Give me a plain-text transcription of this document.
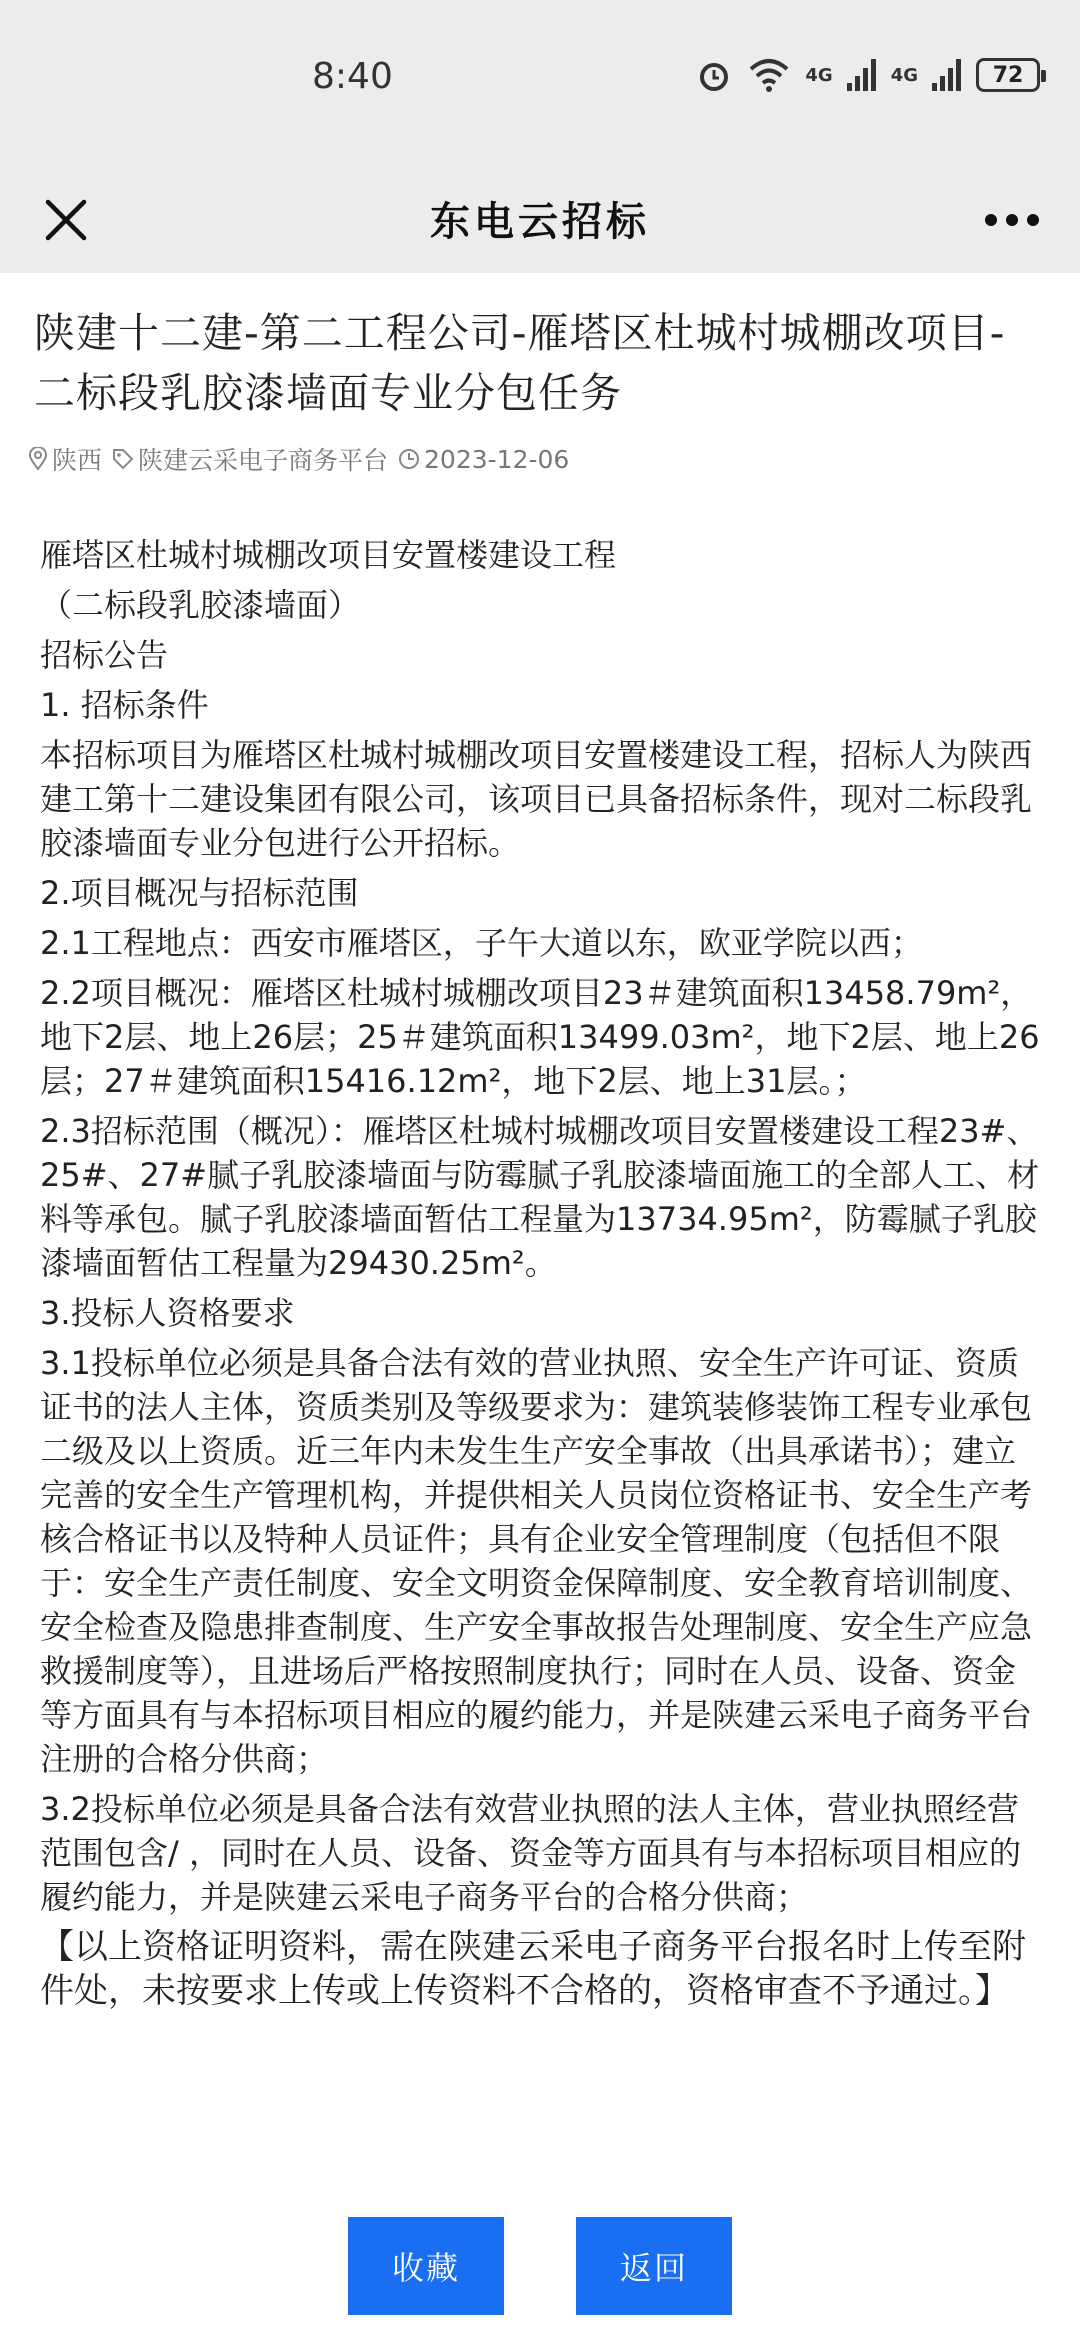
8:40	4G	4G	72
东电云招标
陕建十二建-第二工程公司-雁塔区杜城村城棚改项目-二标段乳胶漆墙面专业分包任务
陕西 陕建云采电子商务平台 2023-12-06

雁塔区杜城村城棚改项目安置楼建设工程

（二标段乳胶漆墙面）

招标公告

1. 招标条件

本招标项目为雁塔区杜城村城棚改项目安置楼建设工程，招标人为陕西建工第十二建设集团有限公司，该项目已具备招标条件，现对二标段乳胶漆墙面专业分包进行公开招标。

2.项目概况与招标范围

2.1工程地点：西安市雁塔区，子午大道以东，欧亚学院以西；

2.2项目概况：雁塔区杜城村城棚改项目23＃建筑面积13458.79m²，地下2层、地上26层；25＃建筑面积13499.03m²，地下2层、地上26层；27＃建筑面积15416.12m²，地下2层、地上31层。；

2.3招标范围（概况）：雁塔区杜城村城棚改项目安置楼建设工程23#、25#、27#腻子乳胶漆墙面与防霉腻子乳胶漆墙面施工的全部人工、材料等承包。腻子乳胶漆墙面暂估工程量为13734.95m²，防霉腻子乳胶漆墙面暂估工程量为29430.25m²。

3.投标人资格要求

3.1投标单位必须是具备合法有效的营业执照、安全生产许可证、资质证书的法人主体，资质类别及等级要求为：建筑装修装饰工程专业承包二级及以上资质。近三年内未发生生产安全事故（出具承诺书）；建立完善的安全生产管理机构，并提供相关人员岗位资格证书、安全生产考核合格证书以及特种人员证件；具有企业安全管理制度（包括但不限于：安全生产责任制度、安全文明资金保障制度、安全教育培训制度、安全检查及隐患排查制度、生产安全事故报告处理制度、安全生产应急救援制度等），且进场后严格按照制度执行；同时在人员、设备、资金等方面具有与本招标项目相应的履约能力，并是陕建云采电子商务平台注册的合格分供商；

3.2投标单位必须是具备合法有效营业执照的法人主体，营业执照经营范围包含/ ，同时在人员、设备、资金等方面具有与本招标项目相应的履约能力，并是陕建云采电子商务平台的合格分供商；

【以上资格证明资料，需在陕建云采电子商务平台报名时上传至附件处，未按要求上传或上传资料不合格的，资格审查不予通过。】

收藏	返回
